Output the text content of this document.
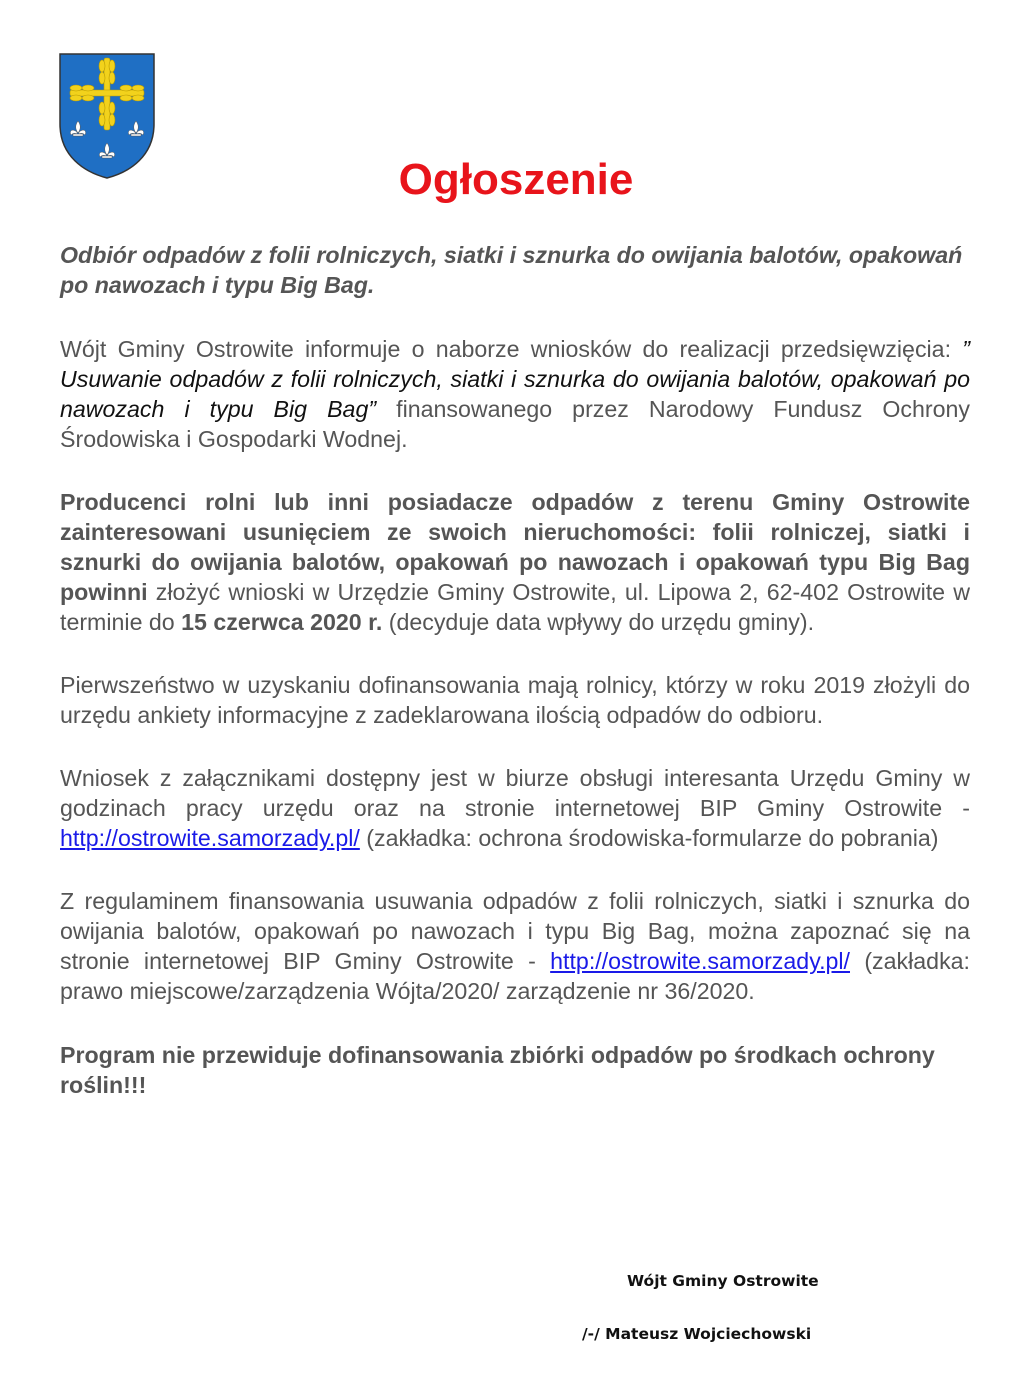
Ogłoszenie

Odbiór odpadów z folii rolniczych, siatki i sznurka do owijania balotów, opakowań po nawozach i typu Big Bag.

Wójt Gminy Ostrowite informuje o naborze wniosków do realizacji przedsięwzięcia: ” Usuwanie odpadów z folii rolniczych, siatki i sznurka do owijania balotów, opakowań po nawozach i typu Big Bag” finansowanego przez Narodowy Fundusz Ochrony Środowiska i Gospodarki Wodnej.

Producenci rolni lub inni posiadacze odpadów z terenu Gminy Ostrowite zainteresowani usunięciem ze swoich nieruchomości: folii rolniczej, siatki i sznurki do owijania balotów, opakowań po nawozach i opakowań typu Big Bag powinni złożyć wnioski w Urzędzie Gminy Ostrowite, ul. Lipowa 2, 62-402 Ostrowite w terminie do 15 czerwca 2020 r. (decyduje data wpływy do urzędu gminy).

Pierwszeństwo w uzyskaniu dofinansowania mają rolnicy, którzy w roku 2019 złożyli do urzędu ankiety informacyjne z zadeklarowana ilością odpadów do odbioru.

Wniosek z załącznikami dostępny jest w biurze obsługi interesanta Urzędu Gminy w godzinach pracy urzędu oraz na stronie internetowej BIP Gminy Ostrowite - http://ostrowite.samorzady.pl/ (zakładka: ochrona środowiska-formularze do pobrania)

Z regulaminem finansowania usuwania odpadów z folii rolniczych, siatki i sznurka do owijania balotów, opakowań po nawozach i typu Big Bag, można zapoznać się na stronie internetowej BIP Gminy Ostrowite - http://ostrowite.samorzady.pl/ (zakładka: prawo miejscowe/zarządzenia Wójta/2020/ zarządzenie nr 36/2020.

Program nie przewiduje dofinansowania zbiórki odpadów po środkach ochrony roślin!!!

Wójt Gminy Ostrowite
/-/ Mateusz Wojciechowski
